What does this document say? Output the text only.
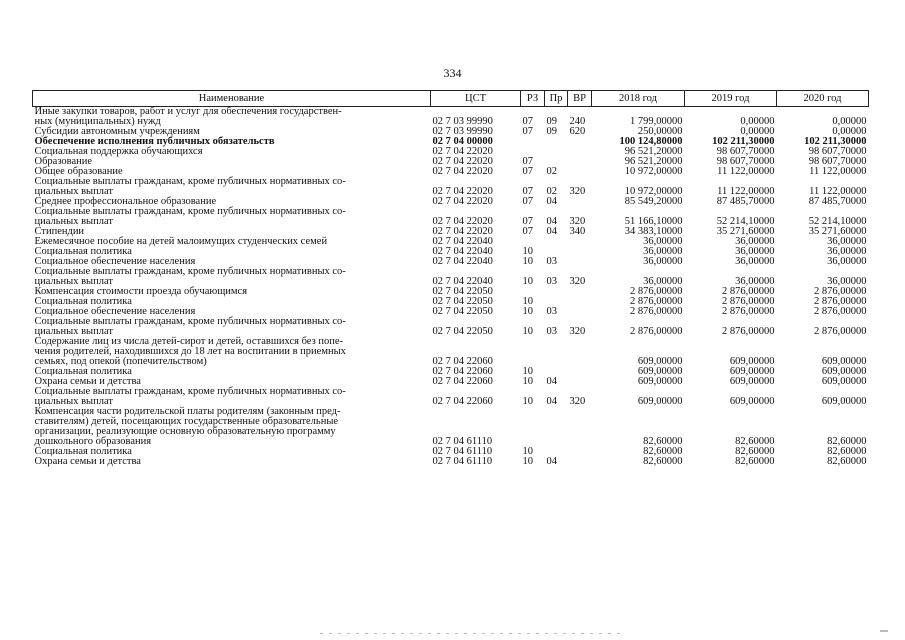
334
Наименование	ЦСТ	РЗ	Пр	ВР	2018 год	2019 год	2020 год

Иные закупки товаров, работ и услуг для обеспечения государствен-
ных (муниципальных) нужд	02 7 03 99990	07	09	240	1 799,00000	0,00000	0,00000

Субсидии автономным учреждениям	02 7 03 99990	07	09	620	250,00000	0,00000	0,00000

Обеспечение исполнения публичных обязательств	02 7 04 00000				100 124,80000	102 211,30000	102 211,30000

Социальная поддержка обучающихся	02 7 04 22020				96 521,20000	98 607,70000	98 607,70000

Образование	02 7 04 22020	07			96 521,20000	98 607,70000	98 607,70000

Общее образование	02 7 04 22020	07	02		10 972,00000	11 122,00000	11 122,00000

Социальные выплаты гражданам, кроме публичных нормативных со-
циальных выплат	02 7 04 22020	07	02	320	10 972,00000	11 122,00000	11 122,00000

Среднее профессиональное образование	02 7 04 22020	07	04		85 549,20000	87 485,70000	87 485,70000

Социальные выплаты гражданам, кроме публичных нормативных со-
циальных выплат	02 7 04 22020	07	04	320	51 166,10000	52 214,10000	52 214,10000

Стипендии	02 7 04 22020	07	04	340	34 383,10000	35 271,60000	35 271,60000

Ежемесячное пособие на детей малоимущих студенческих семей	02 7 04 22040				36,00000	36,00000	36,00000

Социальная политика	02 7 04 22040	10			36,00000	36,00000	36,00000

Социальное обеспечение населения	02 7 04 22040	10	03		36,00000	36,00000	36,00000

Социальные выплаты гражданам, кроме публичных нормативных со-
циальных выплат	02 7 04 22040	10	03	320	36,00000	36,00000	36,00000

Компенсация стоимости проезда обучающимся	02 7 04 22050				2 876,00000	2 876,00000	2 876,00000

Социальная политика	02 7 04 22050	10			2 876,00000	2 876,00000	2 876,00000

Социальное обеспечение населения	02 7 04 22050	10	03		2 876,00000	2 876,00000	2 876,00000

Социальные выплаты гражданам, кроме публичных нормативных со-
циальных выплат	02 7 04 22050	10	03	320	2 876,00000	2 876,00000	2 876,00000

Содержание лиц из числа детей-сирот и детей, оставшихся без попе-
чения родителей, находившихся до 18 лет на воспитании в приемных
семьях, под опекой (попечительством)	02 7 04 22060				609,00000	609,00000	609,00000

Социальная политика	02 7 04 22060	10			609,00000	609,00000	609,00000

Охрана семьи и детства	02 7 04 22060	10	04		609,00000	609,00000	609,00000

Социальные выплаты гражданам, кроме публичных нормативных со-
циальных выплат	02 7 04 22060	10	04	320	609,00000	609,00000	609,00000

Компенсация части родительской платы родителям (законным пред-
ставителям) детей, посещающих государственные образовательные
организации, реализующие основную образовательную программу
дошкольного образования	02 7 04 61110				82,60000	82,60000	82,60000

Социальная политика	02 7 04 61110	10			82,60000	82,60000	82,60000

Охрана семьи и детства	02 7 04 61110	10	04		82,60000	82,60000	82,60000
